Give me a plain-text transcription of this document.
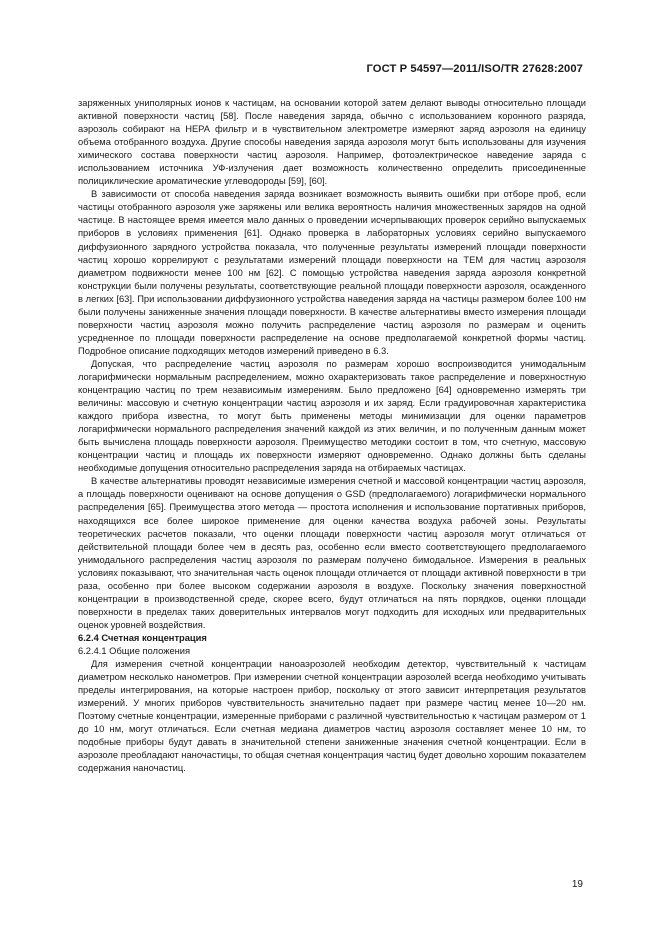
ГОСТ Р 54597—2011/ISO/TR 27628:2007

заряженных униполярных ионов к частицам, на основании которой затем делают выводы относительно площади активной поверхности частиц [58]. После наведения заряда, обычно с использованием коронного разряда, аэрозоль собирают на НЕРА фильтр и в чувствительном электрометре измеряют заряд аэрозоля на единицу объема отобранного воздуха. Другие способы наведения заряда аэрозоля могут быть использованы для изучения химического состава поверхности частиц аэрозоля. Например, фотоэлектрическое наведение заряда с использованием источника УФ-излучения дает возможность количественно определить присоединенные полициклические ароматические углеводороды [59], [60].

В зависимости от способа наведения заряда возникает возможность выявить ошибки при отборе проб, если частицы отобранного аэрозоля уже заряжены или велика вероятность наличия множественных зарядов на одной частице. В настоящее время имеется мало данных о проведении исчерпывающих проверок серийно выпускаемых приборов в условиях применения [61]. Однако проверка в лабораторных условиях серийно выпускаемого диффузионного зарядного устройства показала, что полученные результаты измерений площади поверхности частиц хорошо коррелируют с результатами измерений площади поверхности на ТЕМ для частиц аэрозоля диаметром подвижности менее 100 нм [62]. С помощью устройства наведения заряда аэрозоля конкретной конструкции были получены результаты, соответствующие реальной площади поверхности аэрозоля, осажденного в легких [63]. При использовании диффузионного устройства наведения заряда на частицы размером более 100 нм были получены заниженные значения площади поверхности. В качестве альтернативы вместо измерения площади поверхности частиц аэрозоля можно получить распределение частиц аэрозоля по размерам и оценить усредненное по площади поверхности распределение на основе предполагаемой конкретной формы частиц. Подробное описание подходящих методов измерений приведено в 6.3.

Допуская, что распределение частиц аэрозоля по размерам хорошо воспроизводится унимодальным логарифмически нормальным распределением, можно охарактеризовать такое распределение и поверхностную концентрацию частиц по трем независимым измерениям. Было предложено [64] одновременно измерять три величины: массовую и счетную концентрации частиц аэрозоля и их заряд. Если градуировочная характеристика каждого прибора известна, то могут быть применены методы минимизации для оценки параметров логарифмически нормального распределения значений каждой из этих величин, и по полученным данным может быть вычислена площадь поверхности аэрозоля. Преимущество методики состоит в том, что счетную, массовую концентрации частиц и площадь их поверхности измеряют одновременно. Однако должны быть сделаны необходимые допущения относительно распределения заряда на отбираемых частицах.

В качестве альтернативы проводят независимые измерения счетной и массовой концентрации частиц аэрозоля, а площадь поверхности оценивают на основе допущения о GSD (предполагаемого) логарифмически нормального распределения [65]. Преимущества этого метода — простота исполнения и использование портативных приборов, находящихся все более широкое применение для оценки качества воздуха рабочей зоны. Результаты теоретических расчетов показали, что оценки площади поверхности частиц аэрозоля могут отличаться от действительной площади более чем в десять раз, особенно если вместо соответствующего предполагаемого унимодального распределения частиц аэрозоля по размерам получено бимодальное. Измерения в реальных условиях показывают, что значительная часть оценок площади отличается от площади активной поверхности в три раза, особенно при более высоком содержании аэрозоля в воздухе. Поскольку значения поверхностной концентрации в производственной среде, скорее всего, будут отличаться на пять порядков, оценки площади поверхности в пределах таких доверительных интервалов могут подходить для исходных или предварительных оценок уровней воздействия.

6.2.4 Счетная концентрация

6.2.4.1 Общие положения

Для измерения счетной концентрации наноаэрозолей необходим детектор, чувствительный к частицам диаметром несколько нанометров. При измерении счетной концентрации аэрозолей всегда необходимо учитывать пределы интегрирования, на которые настроен прибор, поскольку от этого зависит интерпретация результатов измерений. У многих приборов чувствительность значительно падает при размере частиц менее 10—20 нм. Поэтому счетные концентрации, измеренные приборами с различной чувствительностью к частицам размером от 1 до 10 нм, могут отличаться. Если счетная медиана диаметров частиц аэрозоля составляет менее 10 нм, то подобные приборы будут давать в значительной степени заниженные значения счетной концентрации. Если в аэрозоле преобладают наночастицы, то общая счетная концентрация частиц будет довольно хорошим показателем содержания наночастиц.

19
